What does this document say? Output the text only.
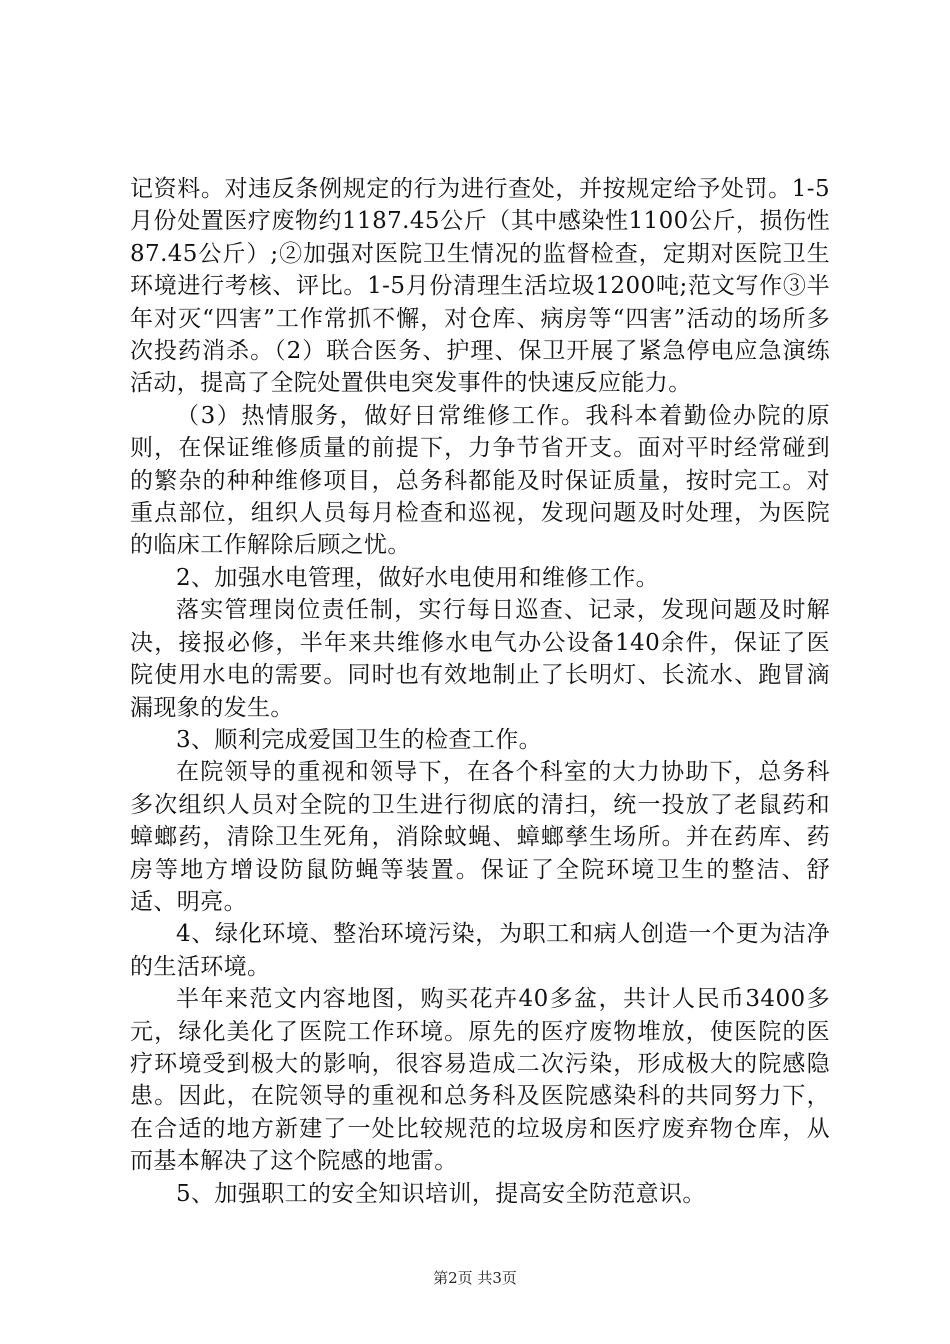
记资料。对违反条例规定的行为进行查处，并按规定给予处罚。1-5月份处置医疗废物约1187.45公斤（其中感染性1100公斤，损伤性87.45公斤）;②加强对医院卫生情况的监督检查，定期对医院卫生环境进行考核、评比。1-5月份清理生活垃圾1200吨;范文写作③半年对灭“四害”工作常抓不懈，对仓库、病房等“四害”活动的场所多次投药消杀。（2）联合医务、护理、保卫开展了紧急停电应急演练活动，提高了全院处置供电突发事件的快速反应能力。

（3）热情服务，做好日常维修工作。我科本着勤俭办院的原则，在保证维修质量的前提下，力争节省开支。面对平时经常碰到的繁杂的种种维修项目，总务科都能及时保证质量，按时完工。对重点部位，组织人员每月检查和巡视，发现问题及时处理，为医院的临床工作解除后顾之忧。

2、加强水电管理，做好水电使用和维修工作。

落实管理岗位责任制，实行每日巡查、记录，发现问题及时解决，接报必修，半年来共维修水电气办公设备140余件，保证了医院使用水电的需要。同时也有效地制止了长明灯、长流水、跑冒滴漏现象的发生。

3、顺利完成爱国卫生的检查工作。

在院领导的重视和领导下，在各个科室的大力协助下，总务科多次组织人员对全院的卫生进行彻底的清扫，统一投放了老鼠药和蟑螂药，清除卫生死角，消除蚊蝇、蟑螂孳生场所。并在药库、药房等地方增设防鼠防蝇等装置。保证了全院环境卫生的整洁、舒适、明亮。

4、绿化环境、整治环境污染，为职工和病人创造一个更为洁净的生活环境。

半年来范文内容地图，购买花卉40多盆，共计人民币3400多元，绿化美化了医院工作环境。原先的医疗废物堆放，使医院的医疗环境受到极大的影响，很容易造成二次污染，形成极大的院感隐患。因此，在院领导的重视和总务科及医院感染科的共同努力下，在合适的地方新建了一处比较规范的垃圾房和医疗废弃物仓库，从而基本解决了这个院感的地雷。

5、加强职工的安全知识培训，提高安全防范意识。

第2页 共3页
